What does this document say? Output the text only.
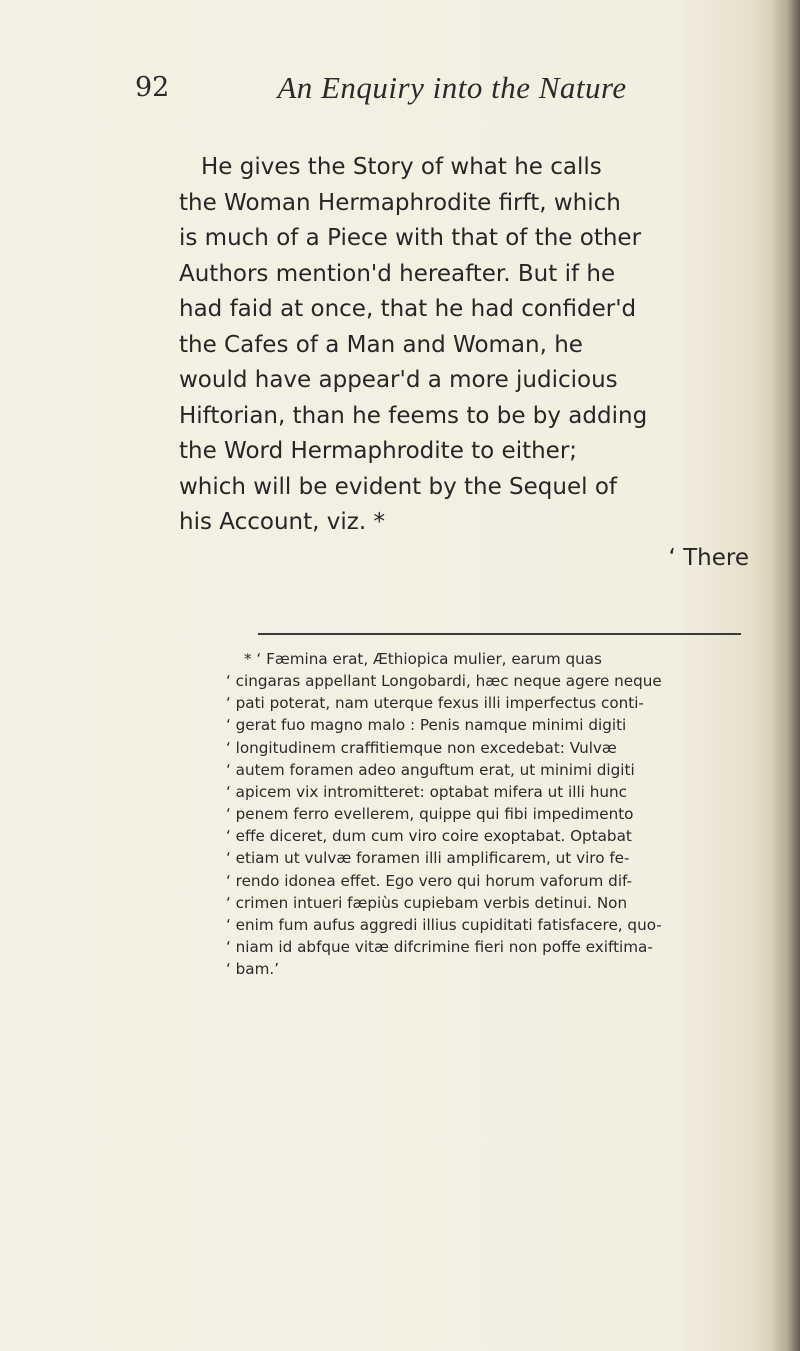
92	An Enquiry into the Nature
He gives the Story of what he calls
the Woman Hermaphrodite firft, which
is much of a Piece with that of the other
Authors mention'd hereafter. But if he
had faid at once, that he had confider'd
the Cafes of a Man and Woman, he
would have appear'd a more judicious
Hiftorian, than he feems to be by adding
the Word Hermaphrodite to either;
which will be evident by the Sequel of
his Account, viz. *
‘ There
* ‘ Fæmina erat, Æthiopica mulier, earum quas
‘ cingaras appellant Longobardi, hæc neque agere neque
‘ pati poterat, nam uterque fexus illi imperfectus conti-
‘ gerat fuo magno malo : Penis namque minimi digiti
‘ longitudinem craffitiemque non excedebat: Vulvæ
‘ autem foramen adeo anguftum erat, ut minimi digiti
‘ apicem vix intromitteret: optabat mifera ut illi hunc
‘ penem ferro evellerem, quippe qui fibi impedimento
‘ effe diceret, dum cum viro coire exoptabat. Optabat
‘ etiam ut vulvæ foramen illi amplificarem, ut viro fe-
‘ rendo idonea effet. Ego vero qui horum vaforum dif-
‘ crimen intueri fæpiùs cupiebam verbis detinui. Non
‘ enim fum aufus aggredi illius cupiditati fatisfacere, quo-
‘ niam id abfque vitæ difcrimine fieri non poffe exiftima-
‘ bam.’
